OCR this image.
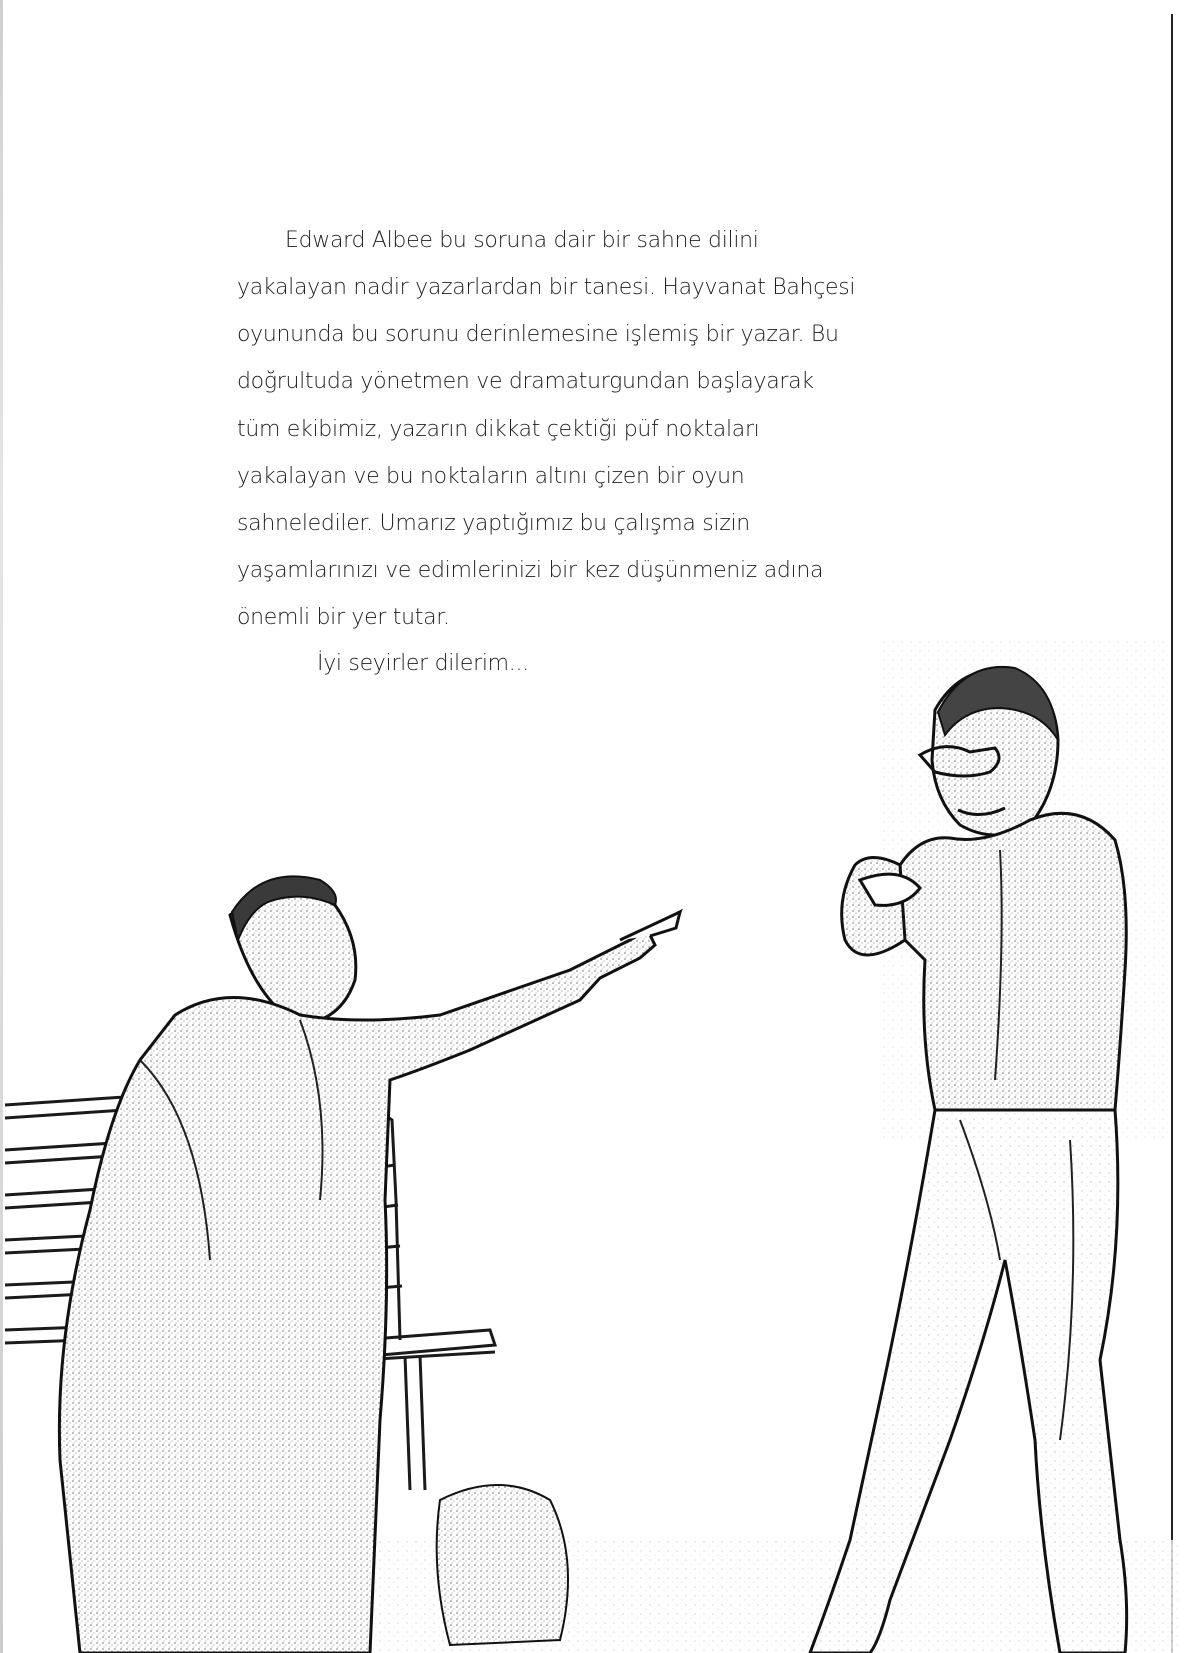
Edward Albee bu soruna dair bir sahne dilini
yakalayan nadir yazarlardan bir tanesi. Hayvanat Bahçesi
oyununda bu sorunu derinlemesine işlemiş bir yazar. Bu
doğrultuda yönetmen ve dramaturgundan başlayarak
tüm ekibimiz, yazarın dikkat çektiği püf noktaları
yakalayan ve bu noktaların altını çizen bir oyun
sahnelediler. Umarız yaptığımız bu çalışma sizin
yaşamlarınızı ve edimlerinizi bir kez düşünmeniz adına
önemli bir yer tutar.
İyi seyirler dilerim...
